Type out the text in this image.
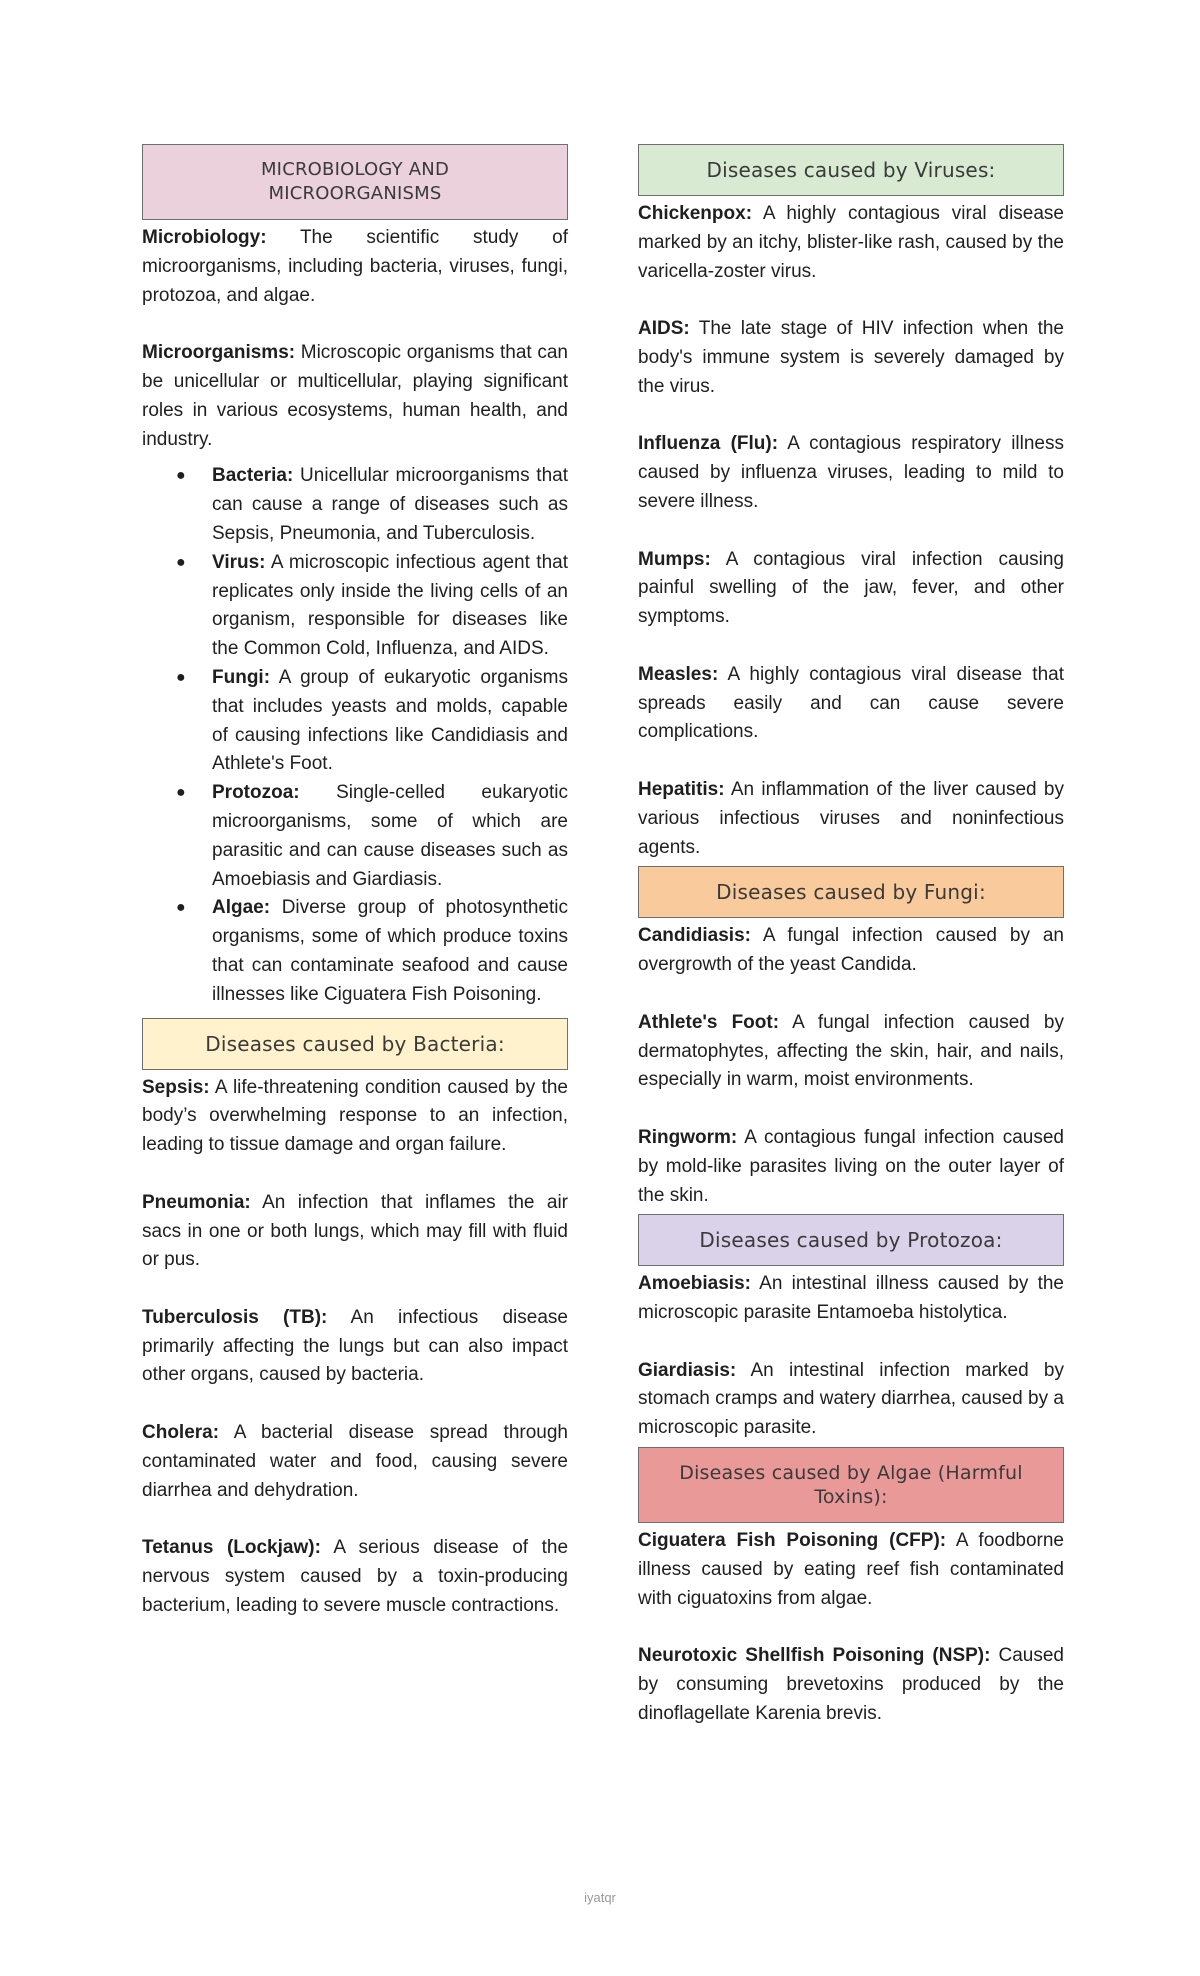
MICROBIOLOGY AND
MICROORGANISMS

Microbiology: The scientific study of microorganisms, including bacteria, viruses, fungi, protozoa, and algae.

Microorganisms: Microscopic organisms that can be unicellular or multicellular, playing significant roles in various ecosystems, human health, and industry.

● Bacteria: Unicellular microorganisms that can cause a range of diseases such as Sepsis, Pneumonia, and Tuberculosis.
● Virus: A microscopic infectious agent that replicates only inside the living cells of an organism, responsible for diseases like the Common Cold, Influenza, and AIDS.
● Fungi: A group of eukaryotic organisms that includes yeasts and molds, capable of causing infections like Candidiasis and Athlete's Foot.
● Protozoa: Single-celled eukaryotic microorganisms, some of which are parasitic and can cause diseases such as Amoebiasis and Giardiasis.
● Algae: Diverse group of photosynthetic organisms, some of which produce toxins that can contaminate seafood and cause illnesses like Ciguatera Fish Poisoning.
Diseases caused by Bacteria:

Sepsis: A life-threatening condition caused by the body’s overwhelming response to an infection, leading to tissue damage and organ failure.

Pneumonia: An infection that inflames the air sacs in one or both lungs, which may fill with fluid or pus.

Tuberculosis (TB): An infectious disease primarily affecting the lungs but can also impact other organs, caused by bacteria.

Cholera: A bacterial disease spread through contaminated water and food, causing severe diarrhea and dehydration.

Tetanus (Lockjaw): A serious disease of the nervous system caused by a toxin-producing bacterium, leading to severe muscle contractions.

Diseases caused by Viruses:

Chickenpox: A highly contagious viral disease marked by an itchy, blister-like rash, caused by the varicella-zoster virus.

AIDS: The late stage of HIV infection when the body's immune system is severely damaged by the virus.

Influenza (Flu): A contagious respiratory illness caused by influenza viruses, leading to mild to severe illness.

Mumps: A contagious viral infection causing painful swelling of the jaw, fever, and other symptoms.

Measles: A highly contagious viral disease that spreads easily and can cause severe complications.

Hepatitis: An inflammation of the liver caused by various infectious viruses and noninfectious agents.

Diseases caused by Fungi:

Candidiasis: A fungal infection caused by an overgrowth of the yeast Candida.

Athlete's Foot: A fungal infection caused by dermatophytes, affecting the skin, hair, and nails, especially in warm, moist environments.

Ringworm: A contagious fungal infection caused by mold-like parasites living on the outer layer of the skin.

Diseases caused by Protozoa:

Amoebiasis: An intestinal illness caused by the microscopic parasite Entamoeba histolytica.

Giardiasis: An intestinal infection marked by stomach cramps and watery diarrhea, caused by a microscopic parasite.

Diseases caused by Algae (Harmful
Toxins):

Ciguatera Fish Poisoning (CFP): A foodborne illness caused by eating reef fish contaminated with ciguatoxins from algae.

Neurotoxic Shellfish Poisoning (NSP): Caused by consuming brevetoxins produced by the dinoflagellate Karenia brevis.

iyatqr
